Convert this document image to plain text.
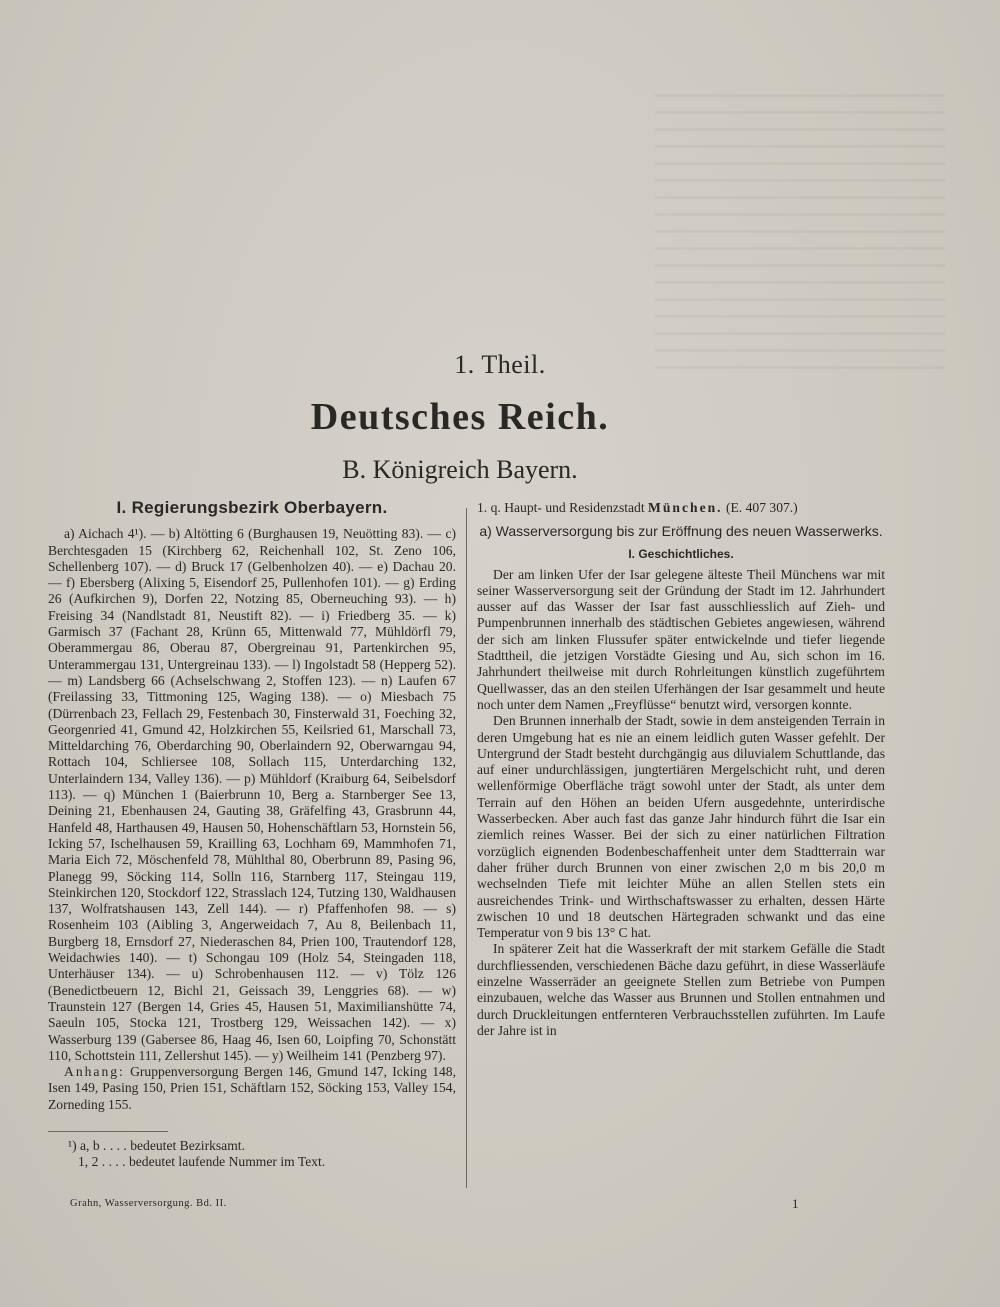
1. Theil.
Deutsches Reich.
B. Königreich Bayern.
I. Regierungsbezirk Oberbayern.

a) Aichach 4¹). — b) Altötting 6 (Burghausen 19, Neuötting 83). — c) Berchtesgaden 15 (Kirchberg 62, Reichenhall 102, St. Zeno 106, Schellenberg 107). — d) Bruck 17 (Gelbenholzen 40). — e) Dachau 20. — f) Ebersberg (Alixing 5, Eisendorf 25, Pullenhofen 101). — g) Erding 26 (Aufkirchen 9), Dorfen 22, Notzing 85, Oberneuching 93). — h) Freising 34 (Nandlstadt 81, Neustift 82). — i) Friedberg 35. — k) Garmisch 37 (Fachant 28, Krünn 65, Mittenwald 77, Mühldörfl 79, Oberammergau 86, Oberau 87, Obergreinau 91, Partenkirchen 95, Unterammergau 131, Untergreinau 133). — l) Ingolstadt 58 (Hepperg 52). — m) Landsberg 66 (Achselschwang 2, Stoffen 123). — n) Laufen 67 (Freilassing 33, Tittmoning 125, Waging 138). — o) Miesbach 75 (Dürrenbach 23, Fellach 29, Festenbach 30, Finsterwald 31, Foeching 32, Georgenried 41, Gmund 42, Holzkirchen 55, Keilsried 61, Marschall 73, Mitteldarching 76, Oberdarching 90, Oberlaindern 92, Oberwarngau 94, Rottach 104, Schliersee 108, Sollach 115, Unterdarching 132, Unterlaindern 134, Valley 136). — p) Mühldorf (Kraiburg 64, Seibelsdorf 113). — q) München 1 (Baierbrunn 10, Berg a. Starnberger See 13, Deining 21, Ebenhausen 24, Gauting 38, Gräfelfing 43, Grasbrunn 44, Hanfeld 48, Harthausen 49, Hausen 50, Hohenschäftlarn 53, Hornstein 56, Icking 57, Ischelhausen 59, Krailling 63, Lochham 69, Mammhofen 71, Maria Eich 72, Möschenfeld 78, Mühlthal 80, Oberbrunn 89, Pasing 96, Planegg 99, Söcking 114, Solln 116, Starnberg 117, Steingau 119, Steinkirchen 120, Stockdorf 122, Strasslach 124, Tutzing 130, Waldhausen 137, Wolfratshausen 143, Zell 144). — r) Pfaffenhofen 98. — s) Rosenheim 103 (Aibling 3, Angerweidach 7, Au 8, Beilenbach 11, Burgberg 18, Ernsdorf 27, Niederaschen 84, Prien 100, Trautendorf 128, Weidachwies 140). — t) Schongau 109 (Holz 54, Steingaden 118, Unterhäuser 134). — u) Schrobenhausen 112. — v) Tölz 126 (Benedictbeuern 12, Bichl 21, Geissach 39, Lenggries 68). — w) Traunstein 127 (Bergen 14, Gries 45, Hausen 51, Maximilianshütte 74, Saeuln 105, Stocka 121, Trostberg 129, Weissachen 142). — x) Wasserburg 139 (Gabersee 86, Haag 46, Isen 60, Loipfing 70, Schonstätt 110, Schottstein 111, Zellershut 145). — y) Weilheim 141 (Penzberg 97).

Anhang: Gruppenversorgung Bergen 146, Gmund 147, Icking 148, Isen 149, Pasing 150, Prien 151, Schäftlarn 152, Söcking 153, Valley 154, Zorneding 155.

¹) a, b . . . . bedeutet Bezirksamt.
1, 2 . . . . bedeutet laufende Nummer im Text.

1. q. Haupt- und Residenzstadt München. (E. 407 307.)

a) Wasserversorgung bis zur Eröffnung des neuen Wasserwerks.
I. Geschichtliches.

Der am linken Ufer der Isar gelegene älteste Theil Münchens war mit seiner Wasserversorgung seit der Gründung der Stadt im 12. Jahrhundert ausser auf das Wasser der Isar fast ausschliesslich auf Zieh- und Pumpenbrunnen innerhalb des städtischen Gebietes angewiesen, während der sich am linken Flussufer später entwickelnde und tiefer liegende Stadttheil, die jetzigen Vorstädte Giesing und Au, sich schon im 16. Jahrhundert theilweise mit durch Rohrleitungen künstlich zugeführtem Quellwasser, das an den steilen Uferhängen der Isar gesammelt und heute noch unter dem Namen „Freyflüsse“ benutzt wird, versorgen konnte.

Den Brunnen innerhalb der Stadt, sowie in dem ansteigenden Terrain in deren Umgebung hat es nie an einem leidlich guten Wasser gefehlt. Der Untergrund der Stadt besteht durchgängig aus diluvialem Schuttlande, das auf einer undurchlässigen, jungtertiären Mergelschicht ruht, und deren wellenförmige Oberfläche trägt sowohl unter der Stadt, als unter dem Terrain auf den Höhen an beiden Ufern ausgedehnte, unterirdische Wasserbecken. Aber auch fast das ganze Jahr hindurch führt die Isar ein ziemlich reines Wasser. Bei der sich zu einer natürlichen Filtration vorzüglich eignenden Bodenbeschaffenheit unter dem Stadtterrain war daher früher durch Brunnen von einer zwischen 2,0 m bis 20,0 m wechselnden Tiefe mit leichter Mühe an allen Stellen stets ein ausreichendes Trink- und Wirthschaftswasser zu erhalten, dessen Härte zwischen 10 und 18 deutschen Härtegraden schwankt und das eine Temperatur von 9 bis 13° C hat.

In späterer Zeit hat die Wasserkraft der mit starkem Gefälle die Stadt durchfliessenden, verschiedenen Bäche dazu geführt, in diese Wasserläufe einzelne Wasserräder an geeignete Stellen zum Betriebe von Pumpen einzubauen, welche das Wasser aus Brunnen und Stollen entnahmen und durch Druckleitungen entfernteren Verbrauchsstellen zuführten. Im Laufe der Jahre ist in

Grahn, Wasserversorgung. Bd. II.	1
